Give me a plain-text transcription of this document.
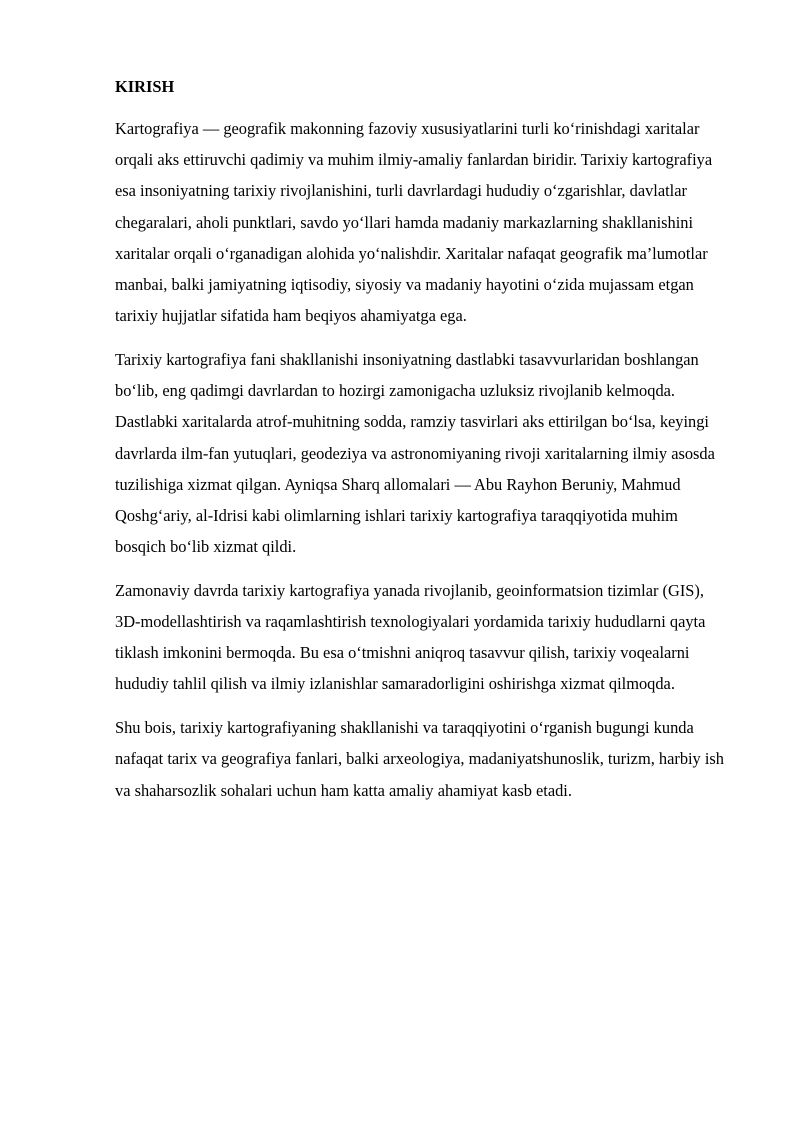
KIRISH

Kartografiya — geografik makonning fazoviy xususiyatlarini turli ko‘rinishdagi xaritalar orqali aks ettiruvchi qadimiy va muhim ilmiy-amaliy fanlardan biridir. Tarixiy kartografiya esa insoniyatning tarixiy rivojlanishini, turli davrlardagi hududiy o‘zgarishlar, davlatlar chegaralari, aholi punktlari, savdo yo‘llari hamda madaniy markazlarning shakllanishini xaritalar orqali o‘rganadigan alohida yo‘nalishdir. Xaritalar nafaqat geografik ma’lumotlar manbai, balki jamiyatning iqtisodiy, siyosiy va madaniy hayotini o‘zida mujassam etgan tarixiy hujjatlar sifatida ham beqiyos ahamiyatga ega.

Tarixiy kartografiya fani shakllanishi insoniyatning dastlabki tasavvurlaridan boshlangan bo‘lib, eng qadimgi davrlardan to hozirgi zamonigacha uzluksiz rivojlanib kelmoqda. Dastlabki xaritalarda atrof-muhitning sodda, ramziy tasvirlari aks ettirilgan bo‘lsa, keyingi davrlarda ilm-fan yutuqlari, geodeziya va astronomiyaning rivoji xaritalarning ilmiy asosda tuzilishiga xizmat qilgan. Ayniqsa Sharq allomalari — Abu Rayhon Beruniy, Mahmud Qoshg‘ariy, al-Idrisi kabi olimlarning ishlari tarixiy kartografiya taraqqiyotida muhim bosqich bo‘lib xizmat qildi.

Zamonaviy davrda tarixiy kartografiya yanada rivojlanib, geoinformatsion tizimlar (GIS), 3D-modellashtirish va raqamlashtirish texnologiyalari yordamida tarixiy hududlarni qayta tiklash imkonini bermoqda. Bu esa o‘tmishni aniqroq tasavvur qilish, tarixiy voqealarni hududiy tahlil qilish va ilmiy izlanishlar samaradorligini oshirishga xizmat qilmoqda.

Shu bois, tarixiy kartografiyaning shakllanishi va taraqqiyotini o‘rganish bugungi kunda nafaqat tarix va geografiya fanlari, balki arxeologiya, madaniyatshunoslik, turizm, harbiy ish va shaharsozlik sohalari uchun ham katta amaliy ahamiyat kasb etadi.
